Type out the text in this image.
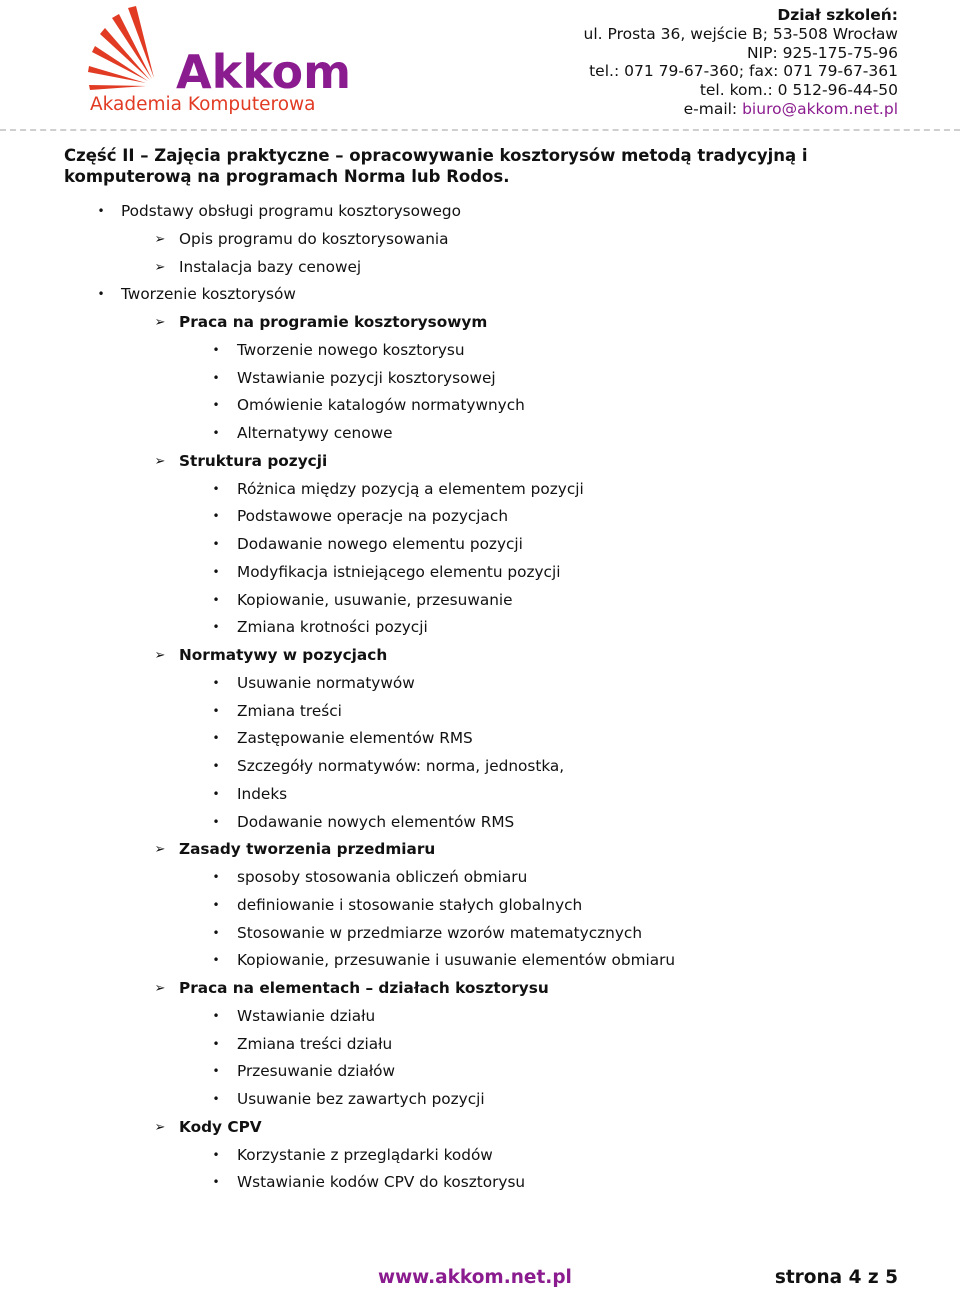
Akkom
Akademia Komputerowa
Dział szkoleń:
ul. Prosta 36, wejście B; 53-508 Wrocław
NIP: 925-175-75-96
tel.: 071 79-67-360; fax: 071 79-67-361
tel. kom.: 0 512-96-44-50
e-mail: biuro@akkom.net.pl
Część II – Zajęcia praktyczne – opracowywanie kosztorysów metodą tradycyjną i komputerową na programach Norma lub Rodos.
• Podstawy obsługi programu kosztorysowego
➢ Opis programu do kosztorysowania
➢ Instalacja bazy cenowej
• Tworzenie kosztorysów
➢ Praca na programie kosztorysowym
• Tworzenie nowego kosztorysu
• Wstawianie pozycji kosztorysowej
• Omówienie katalogów normatywnych
• Alternatywy cenowe
➢ Struktura pozycji
• Różnica między pozycją a elementem pozycji
• Podstawowe operacje na pozycjach
• Dodawanie nowego elementu pozycji
• Modyfikacja istniejącego elementu pozycji
• Kopiowanie, usuwanie, przesuwanie
• Zmiana krotności pozycji
➢ Normatywy w pozycjach
• Usuwanie normatywów
• Zmiana treści
• Zastępowanie elementów RMS
• Szczegóły normatywów: norma, jednostka,
• Indeks
• Dodawanie nowych elementów RMS
➢ Zasady tworzenia przedmiaru
• sposoby stosowania obliczeń obmiaru
• definiowanie i stosowanie stałych globalnych
• Stosowanie w przedmiarze wzorów matematycznych
• Kopiowanie, przesuwanie i usuwanie elementów obmiaru
➢ Praca na elementach – działach kosztorysu
• Wstawianie działu
• Zmiana treści działu
• Przesuwanie działów
• Usuwanie bez zawartych pozycji
➢ Kody CPV
• Korzystanie z przeglądarki kodów
• Wstawianie kodów CPV do kosztorysu
www.akkom.net.pl	strona 4 z 5
